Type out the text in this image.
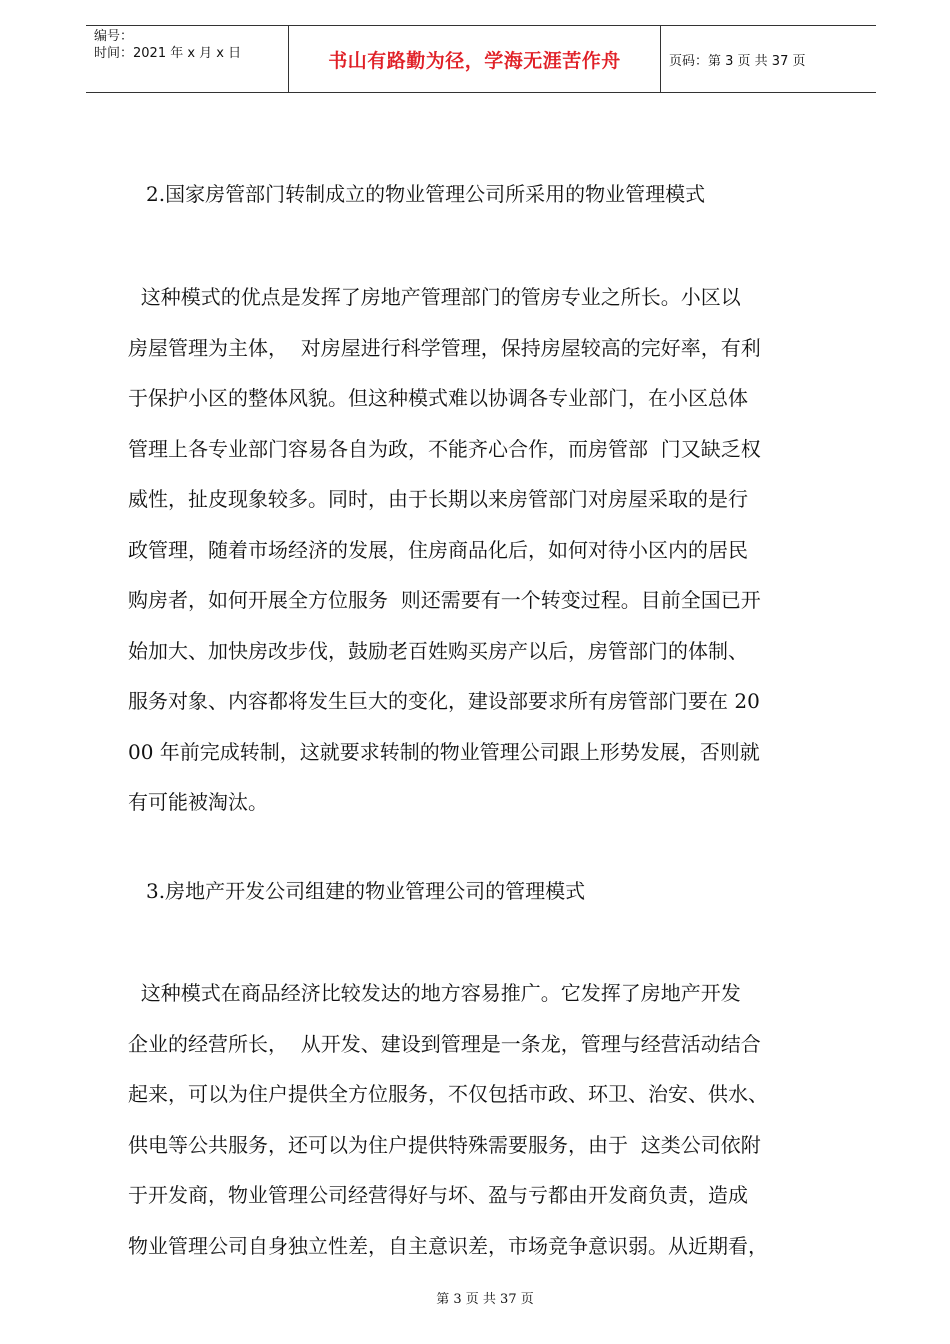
编号：
时间：2021 年 x 月 x 日	书山有路勤为径，学海无涯苦作舟	页码：第 3 页 共 37 页
2.国家房管部门转制成立的物业管理公司所采用的物业管理模式
这种模式的优点是发挥了房地产管理部门的管房专业之所长。小区以
房屋管理为主体，  对房屋进行科学管理，保持房屋较高的完好率，有利
于保护小区的整体风貌。但这种模式难以协调各专业部门，在小区总体
管理上各专业部门容易各自为政，不能齐心合作，而房管部  门又缺乏权
威性，扯皮现象较多。同时，由于长期以来房管部门对房屋采取的是行
政管理，随着市场经济的发展，住房商品化后，如何对待小区内的居民
购房者，如何开展全方位服务  则还需要有一个转变过程。目前全国已开
始加大、加快房改步伐，鼓励老百姓购买房产以后，房管部门的体制、
服务对象、内容都将发生巨大的变化，建设部要求所有房管部门要在 20
00 年前完成转制，这就要求转制的物业管理公司跟上形势发展，否则就
有可能被淘汰。
3.房地产开发公司组建的物业管理公司的管理模式
这种模式在商品经济比较发达的地方容易推广。它发挥了房地产开发
企业的经营所长，  从开发、建设到管理是一条龙，管理与经营活动结合
起来，可以为住户提供全方位服务，不仅包括市政、环卫、治安、供水、
供电等公共服务，还可以为住户提供特殊需要服务，由于  这类公司依附
于开发商，物业管理公司经营得好与坏、盈与亏都由开发商负责，造成
物业管理公司自身独立性差，自主意识差，市场竞争意识弱。从近期看，
第 3 页 共 37 页
